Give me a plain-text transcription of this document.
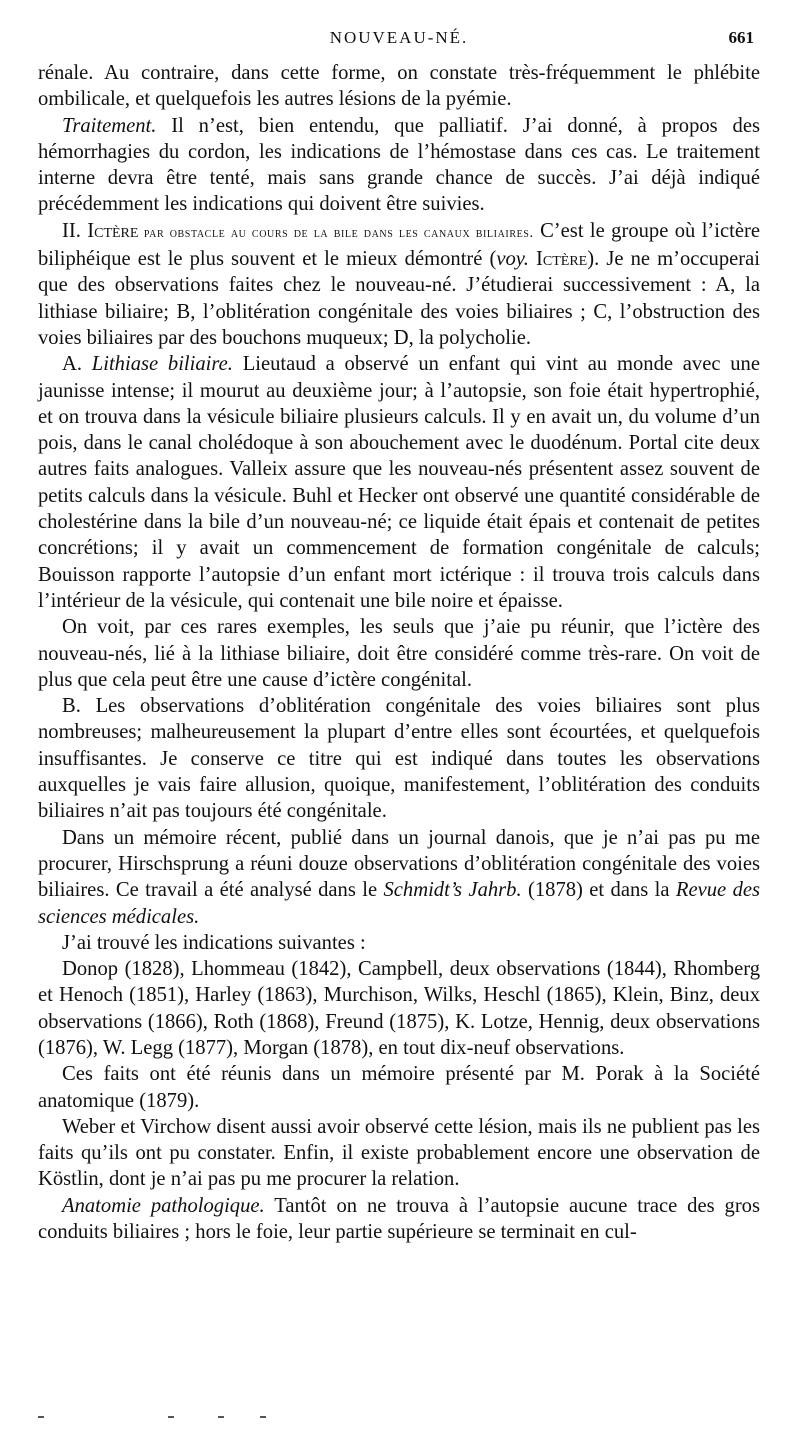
NOUVEAU-NÉ.	661

rénale. Au contraire, dans cette forme, on constate très-fréquemment le phlébite ombilicale, et quelquefois les autres lésions de la pyémie.

Traitement. Il n’est, bien entendu, que palliatif. J’ai donné, à propos des hémorrhagies du cordon, les indications de l’hémostase dans ces cas. Le traitement interne devra être tenté, mais sans grande chance de succès. J’ai déjà indiqué précédemment les indications qui doivent être suivies.

II. Ictère par obstacle au cours de la bile dans les canaux biliaires. C’est le groupe où l’ictère biliphéique est le plus souvent et le mieux démontré (voy. Ictère). Je ne m’occuperai que des observations faites chez le nouveau-né. J’étudierai successivement : A, la lithiase biliaire; B, l’oblitération congénitale des voies biliaires ; C, l’obstruction des voies biliaires par des bouchons muqueux; D, la polycholie.

A. Lithiase biliaire. Lieutaud a observé un enfant qui vint au monde avec une jaunisse intense; il mourut au deuxième jour; à l’autopsie, son foie était hypertrophié, et on trouva dans la vésicule biliaire plusieurs calculs. Il y en avait un, du volume d’un pois, dans le canal cholédoque à son abouchement avec le duodénum. Portal cite deux autres faits analogues. Valleix assure que les nouveau-nés présentent assez souvent de petits calculs dans la vésicule. Buhl et Hecker ont observé une quantité considérable de cholestérine dans la bile d’un nouveau-né; ce liquide était épais et contenait de petites concrétions; il y avait un commencement de formation congénitale de calculs; Bouisson rapporte l’autopsie d’un enfant mort ictérique : il trouva trois calculs dans l’intérieur de la vésicule, qui contenait une bile noire et épaisse.

On voit, par ces rares exemples, les seuls que j’aie pu réunir, que l’ictère des nouveau-nés, lié à la lithiase biliaire, doit être considéré comme très-rare. On voit de plus que cela peut être une cause d’ictère congénital.

B. Les observations d’oblitération congénitale des voies biliaires sont plus nombreuses; malheureusement la plupart d’entre elles sont écourtées, et quelquefois insuffisantes. Je conserve ce titre qui est indiqué dans toutes les observations auxquelles je vais faire allusion, quoique, manifestement, l’oblitération des conduits biliaires n’ait pas toujours été congénitale.

Dans un mémoire récent, publié dans un journal danois, que je n’ai pas pu me procurer, Hirschsprung a réuni douze observations d’oblitération congénitale des voies biliaires. Ce travail a été analysé dans le Schmidt’s Jahrb. (1878) et dans la Revue des sciences médicales.

J’ai trouvé les indications suivantes :

Donop (1828), Lhommeau (1842), Campbell, deux observations (1844), Rhomberg et Henoch (1851), Harley (1863), Murchison, Wilks, Heschl (1865), Klein, Binz, deux observations (1866), Roth (1868), Freund (1875), K. Lotze, Hennig, deux observations (1876), W. Legg (1877), Morgan (1878), en tout dix-neuf observations.

Ces faits ont été réunis dans un mémoire présenté par M. Porak à la Société anatomique (1879).

Weber et Virchow disent aussi avoir observé cette lésion, mais ils ne publient pas les faits qu’ils ont pu constater. Enfin, il existe probablement encore une observation de Köstlin, dont je n’ai pas pu me procurer la relation.

Anatomie pathologique. Tantôt on ne trouva à l’autopsie aucune trace des gros conduits biliaires ; hors le foie, leur partie supérieure se terminait en cul-
